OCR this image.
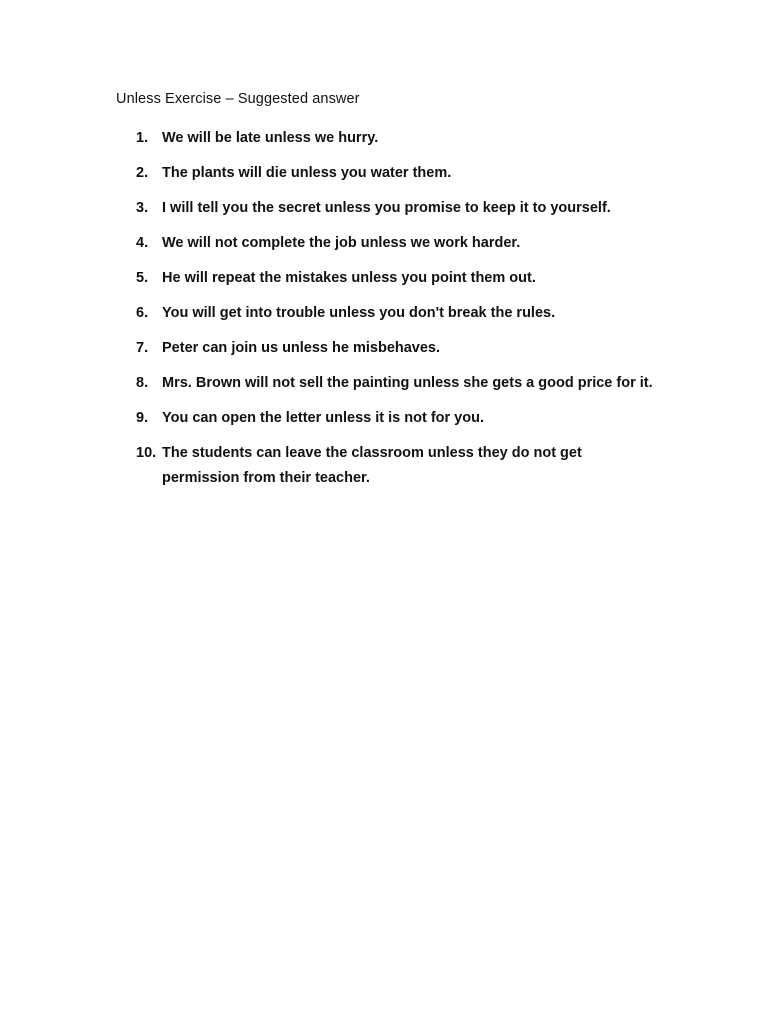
Unless Exercise – Suggested answer
1. We will be late unless we hurry.
2. The plants will die unless you water them.
3. I will tell you the secret unless you promise to keep it to yourself.
4. We will not complete the job unless we work harder.
5. He will repeat the mistakes unless you point them out.
6. You will get into trouble unless you don't break the rules.
7. Peter can join us unless he misbehaves.
8. Mrs. Brown will not sell the painting unless she gets a good price for it.
9. You can open the letter unless it is not for you.
10. The students can leave the classroom unless they do not get permission from their teacher.
